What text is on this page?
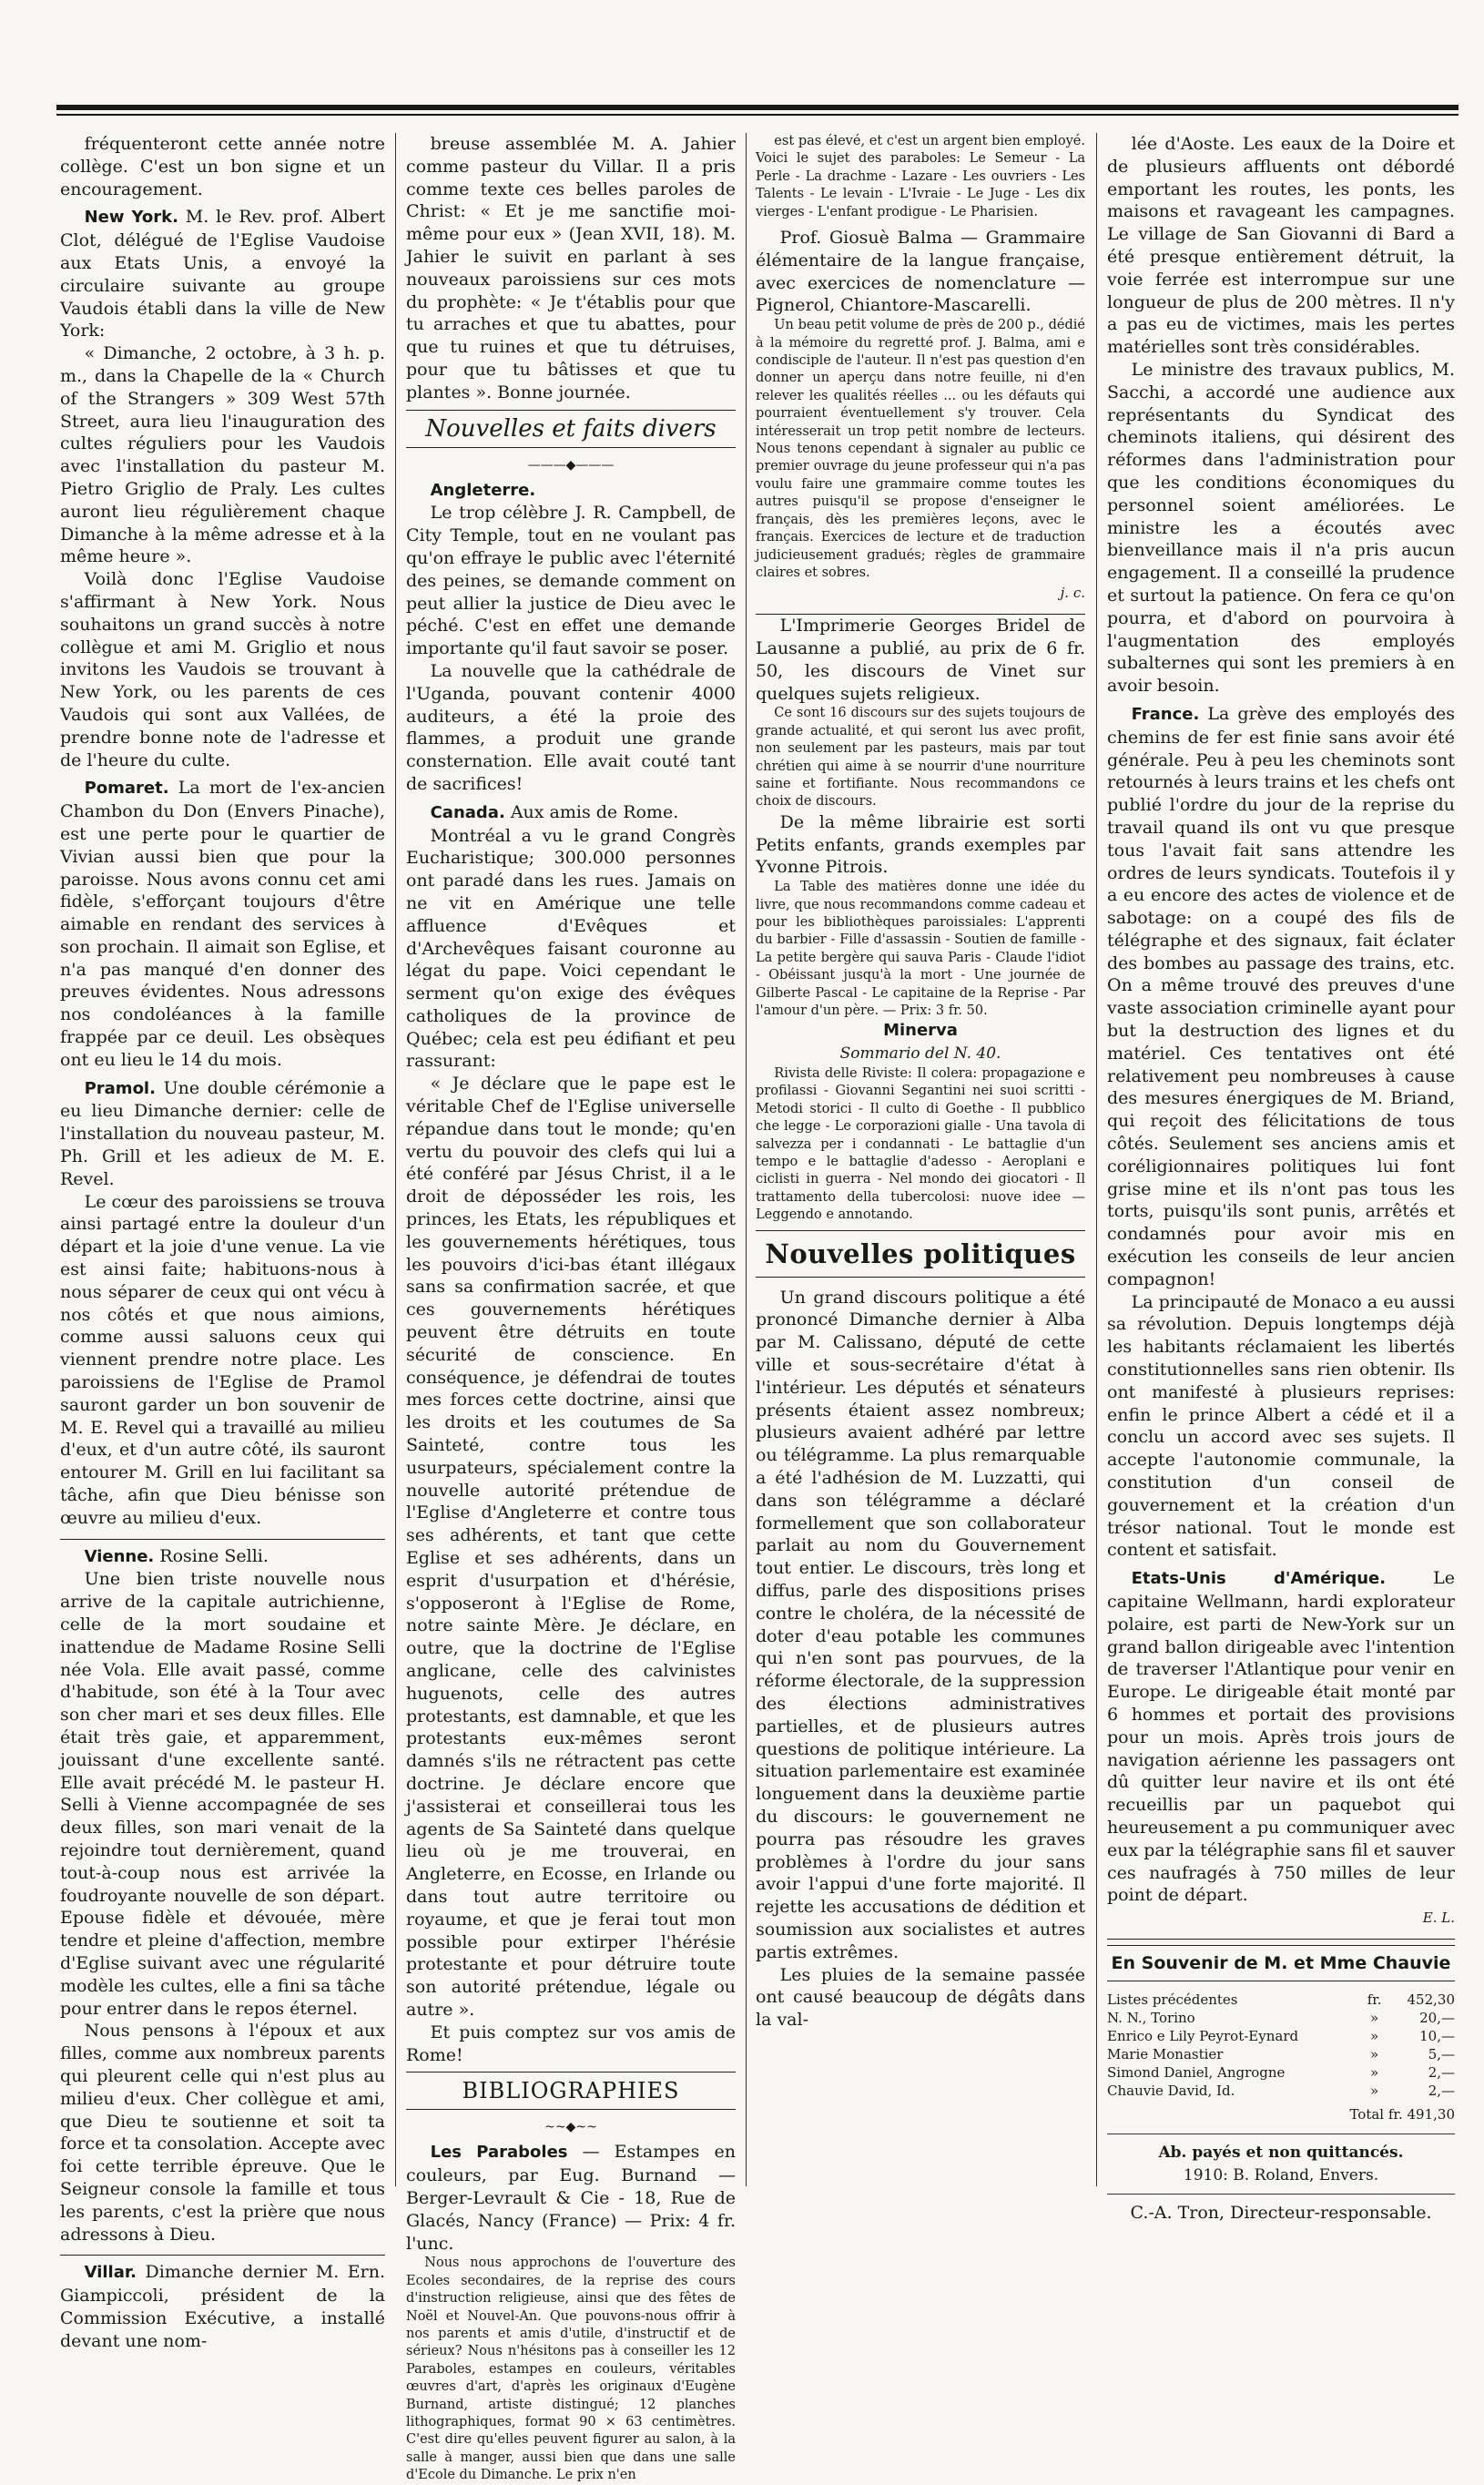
fréquenteront cette année notre collège. C'est un bon signe et un encouragement.

New York. M. le Rev. prof. Albert Clot, délégué de l'Eglise Vaudoise aux Etats Unis, a envoyé la circulaire suivante au groupe Vaudois établi dans la ville de New York:

« Dimanche, 2 octobre, à 3 h. p. m., dans la Chapelle de la « Church of the Strangers » 309 West 57th Street, aura lieu l'inauguration des cultes réguliers pour les Vaudois avec l'installation du pasteur M. Pietro Griglio de Praly. Les cultes auront lieu régulièrement chaque Dimanche à la même adresse et à la même heure ».

Voilà donc l'Eglise Vaudoise s'affirmant à New York. Nous souhaitons un grand succès à notre collègue et ami M. Griglio et nous invitons les Vaudois se trouvant à New York, ou les parents de ces Vaudois qui sont aux Vallées, de prendre bonne note de l'adresse et de l'heure du culte.

Pomaret. La mort de l'ex-ancien Chambon du Don (Envers Pinache), est une perte pour le quartier de Vivian aussi bien que pour la paroisse. Nous avons connu cet ami fidèle, s'efforçant toujours d'être aimable en rendant des services à son prochain. Il aimait son Eglise, et n'a pas manqué d'en donner des preuves évidentes. Nous adressons nos condoléances à la famille frappée par ce deuil. Les obsèques ont eu lieu le 14 du mois.

Pramol. Une double cérémonie a eu lieu Dimanche dernier: celle de l'installation du nouveau pasteur, M. Ph. Grill et les adieux de M. E. Revel.

Le cœur des paroissiens se trouva ainsi partagé entre la douleur d'un départ et la joie d'une venue. La vie est ainsi faite; habituons-nous à nous séparer de ceux qui ont vécu à nos côtés et que nous aimions, comme aussi saluons ceux qui viennent prendre notre place. Les paroissiens de l'Eglise de Pramol sauront garder un bon souvenir de M. E. Revel qui a travaillé au milieu d'eux, et d'un autre côté, ils sauront entourer M. Grill en lui facilitant sa tâche, afin que Dieu bénisse son œuvre au milieu d'eux.

Vienne. Rosine Selli.

Une bien triste nouvelle nous arrive de la capitale autrichienne, celle de la mort soudaine et inattendue de Madame Rosine Selli née Vola. Elle avait passé, comme d'habitude, son été à la Tour avec son cher mari et ses deux filles. Elle était très gaie, et apparemment, jouissant d'une excellente santé. Elle avait précédé M. le pasteur H. Selli à Vienne accompagnée de ses deux filles, son mari venait de la rejoindre tout dernièrement, quand tout-à-coup nous est arrivée la foudroyante nouvelle de son départ. Epouse fidèle et dévouée, mère tendre et pleine d'affection, membre d'Eglise suivant avec une régularité modèle les cultes, elle a fini sa tâche pour entrer dans le repos éternel.

Nous pensons à l'époux et aux filles, comme aux nombreux parents qui pleurent celle qui n'est plus au milieu d'eux. Cher collègue et ami, que Dieu te soutienne et soit ta force et ta consolation. Accepte avec foi cette terrible épreuve. Que le Seigneur console la famille et tous les parents, c'est la prière que nous adressons à Dieu.

Villar. Dimanche dernier M. Ern. Giampiccoli, président de la Commission Exécutive, a installé devant une nom-

breuse assemblée M. A. Jahier comme pasteur du Villar. Il a pris comme texte ces belles paroles de Christ: « Et je me sanctifie moi-même pour eux » (Jean XVII, 18). M. Jahier le suivit en parlant à ses nouveaux paroissiens sur ces mots du prophète: « Je t'établis pour que tu arraches et que tu abattes, pour que tu ruines et que tu détruises, pour que tu bâtisses et que tu plantes ». Bonne journée.

Nouvelles et faits divers
———◆———

Angleterre.

Le trop célèbre J. R. Campbell, de City Temple, tout en ne voulant pas qu'on effraye le public avec l'éternité des peines, se demande comment on peut allier la justice de Dieu avec le péché. C'est en effet une demande importante qu'il faut savoir se poser.

La nouvelle que la cathédrale de l'Uganda, pouvant contenir 4000 auditeurs, a été la proie des flammes, a produit une grande consternation. Elle avait couté tant de sacrifices!

Canada. Aux amis de Rome.

Montréal a vu le grand Congrès Eucharistique; 300.000 personnes ont paradé dans les rues. Jamais on ne vit en Amérique une telle affluence d'Evêques et d'Archevêques faisant couronne au légat du pape. Voici cependant le serment qu'on exige des évêques catholiques de la province de Québec; cela est peu édifiant et peu rassurant:

« Je déclare que le pape est le véritable Chef de l'Eglise universelle répandue dans tout le monde; qu'en vertu du pouvoir des clefs qui lui a été conféré par Jésus Christ, il a le droit de déposséder les rois, les princes, les Etats, les républiques et les gouvernements hérétiques, tous les pouvoirs d'ici-bas étant illégaux sans sa confirmation sacrée, et que ces gouvernements hérétiques peuvent être détruits en toute sécurité de conscience. En conséquence, je défendrai de toutes mes forces cette doctrine, ainsi que les droits et les coutumes de Sa Sainteté, contre tous les usurpateurs, spécialement contre la nouvelle autorité prétendue de l'Eglise d'Angleterre et contre tous ses adhérents, et tant que cette Eglise et ses adhérents, dans un esprit d'usurpation et d'hérésie, s'opposeront à l'Eglise de Rome, notre sainte Mère. Je déclare, en outre, que la doctrine de l'Eglise anglicane, celle des calvinistes huguenots, celle des autres protestants, est damnable, et que les protestants eux-mêmes seront damnés s'ils ne rétractent pas cette doctrine. Je déclare encore que j'assisterai et conseillerai tous les agents de Sa Sainteté dans quelque lieu où je me trouverai, en Angleterre, en Ecosse, en Irlande ou dans tout autre territoire ou royaume, et que je ferai tout mon possible pour extirper l'hérésie protestante et pour détruire toute son autorité prétendue, légale ou autre ».

Et puis comptez sur vos amis de Rome!

BIBLIOGRAPHIES
~~◆~~

Les Paraboles — Estampes en couleurs, par Eug. Burnand — Berger-Levrault & Cie - 18, Rue de Glacés, Nancy (France) — Prix: 4 fr. l'unc.

Nous nous approchons de l'ouverture des Ecoles secondaires, de la reprise des cours d'instruction religieuse, ainsi que des fêtes de Noël et Nouvel-An. Que pouvons-nous offrir à nos parents et amis d'utile, d'instructif et de sérieux? Nous n'hésitons pas à conseiller les 12 Paraboles, estampes en couleurs, véritables œuvres d'art, d'après les originaux d'Eugène Burnand, artiste distingué; 12 planches lithographiques, format 90 × 63 centimètres. C'est dire qu'elles peuvent figurer au salon, à la salle à manger, aussi bien que dans une salle d'Ecole du Dimanche. Le prix n'en

est pas élevé, et c'est un argent bien employé. Voici le sujet des paraboles: Le Semeur - La Perle - La drachme - Lazare - Les ouvriers - Les Talents - Le levain - L'Ivraie - Le Juge - Les dix vierges - L'enfant prodigue - Le Pharisien.

Prof. Giosuè Balma — Grammaire élémentaire de la langue française, avec exercices de nomenclature — Pignerol, Chiantore-Mascarelli.

Un beau petit volume de près de 200 p., dédié à la mémoire du regretté prof. J. Balma, ami e condisciple de l'auteur. Il n'est pas question d'en donner un aperçu dans notre feuille, ni d'en relever les qualités réelles ... ou les défauts qui pourraient éventuellement s'y trouver. Cela intéresserait un trop petit nombre de lecteurs. Nous tenons cependant à signaler au public ce premier ouvrage du jeune professeur qui n'a pas voulu faire une grammaire comme toutes les autres puisqu'il se propose d'enseigner le français, dès les premières leçons, avec le français. Exercices de lecture et de traduction judicieusement gradués; règles de grammaire claires et sobres.

j. c.

L'Imprimerie Georges Bridel de Lausanne a publié, au prix de 6 fr. 50, les discours de Vinet sur quelques sujets religieux.

Ce sont 16 discours sur des sujets toujours de grande actualité, et qui seront lus avec profit, non seulement par les pasteurs, mais par tout chrétien qui aime à se nourrir d'une nourriture saine et fortifiante. Nous recommandons ce choix de discours.

De la même librairie est sorti Petits enfants, grands exemples par Yvonne Pitrois.

La Table des matières donne une idée du livre, que nous recommandons comme cadeau et pour les bibliothèques paroissiales: L'apprenti du barbier - Fille d'assassin - Soutien de famille - La petite bergère qui sauva Paris - Claude l'idiot - Obéissant jusqu'à la mort - Une journée de Gilberte Pascal - Le capitaine de la Reprise - Par l'amour d'un père. — Prix: 3 fr. 50.

Minerva

Sommario del N. 40.

Rivista delle Riviste: Il colera: propagazione e profilassi - Giovanni Segantini nei suoi scritti - Metodi storici - Il culto di Goethe - Il pubblico che legge - Le corporazioni gialle - Una tavola di salvezza per i condannati - Le battaglie d'un tempo e le battaglie d'adesso - Aeroplani e ciclisti in guerra - Nel mondo dei giocatori - Il trattamento della tubercolosi: nuove idee — Leggendo e annotando.

Nouvelles politiques

Un grand discours politique a été prononcé Dimanche dernier à Alba par M. Calissano, député de cette ville et sous-secrétaire d'état à l'intérieur. Les députés et sénateurs présents étaient assez nombreux; plusieurs avaient adhéré par lettre ou télégramme. La plus remarquable a été l'adhésion de M. Luzzatti, qui dans son télégramme a déclaré formellement que son collaborateur parlait au nom du Gouvernement tout entier. Le discours, très long et diffus, parle des dispositions prises contre le choléra, de la nécessité de doter d'eau potable les communes qui n'en sont pas pourvues, de la réforme électorale, de la suppression des élections administratives partielles, et de plusieurs autres questions de politique intérieure. La situation parlementaire est examinée longuement dans la deuxième partie du discours: le gouvernement ne pourra pas résoudre les graves problèmes à l'ordre du jour sans avoir l'appui d'une forte majorité. Il rejette les accusations de dédition et soumission aux socialistes et autres partis extrêmes.

Les pluies de la semaine passée ont causé beaucoup de dégâts dans la val-

lée d'Aoste. Les eaux de la Doire et de plusieurs affluents ont débordé emportant les routes, les ponts, les maisons et ravageant les campagnes. Le village de San Giovanni di Bard a été presque entièrement détruit, la voie ferrée est interrompue sur une longueur de plus de 200 mètres. Il n'y a pas eu de victimes, mais les pertes matérielles sont très considérables.

Le ministre des travaux publics, M. Sacchi, a accordé une audience aux représentants du Syndicat des cheminots italiens, qui désirent des réformes dans l'administration pour que les conditions économiques du personnel soient améliorées. Le ministre les a écoutés avec bienveillance mais il n'a pris aucun engagement. Il a conseillé la prudence et surtout la patience. On fera ce qu'on pourra, et d'abord on pourvoira à l'augmentation des employés subalternes qui sont les premiers à en avoir besoin.

France. La grève des employés des chemins de fer est finie sans avoir été générale. Peu à peu les cheminots sont retournés à leurs trains et les chefs ont publié l'ordre du jour de la reprise du travail quand ils ont vu que presque tous l'avait fait sans attendre les ordres de leurs syndicats. Toutefois il y a eu encore des actes de violence et de sabotage: on a coupé des fils de télégraphe et des signaux, fait éclater des bombes au passage des trains, etc. On a même trouvé des preuves d'une vaste association criminelle ayant pour but la destruction des lignes et du matériel. Ces tentatives ont été relativement peu nombreuses à cause des mesures énergiques de M. Briand, qui reçoit des félicitations de tous côtés. Seulement ses anciens amis et coréligionnaires politiques lui font grise mine et ils n'ont pas tous les torts, puisqu'ils sont punis, arrêtés et condamnés pour avoir mis en exécution les conseils de leur ancien compagnon!

La principauté de Monaco a eu aussi sa révolution. Depuis longtemps déjà les habitants réclamaient les libertés constitutionnelles sans rien obtenir. Ils ont manifesté à plusieurs reprises: enfin le prince Albert a cédé et il a conclu un accord avec ses sujets. Il accepte l'autonomie communale, la constitution d'un conseil de gouvernement et la création d'un trésor national. Tout le monde est content et satisfait.

Etats-Unis d'Amérique. Le capitaine Wellmann, hardi explorateur polaire, est parti de New-York sur un grand ballon dirigeable avec l'intention de traverser l'Atlantique pour venir en Europe. Le dirigeable était monté par 6 hommes et portait des provisions pour un mois. Après trois jours de navigation aérienne les passagers ont dû quitter leur navire et ils ont été recueillis par un paquebot qui heureusement a pu communiquer avec eux par la télégraphie sans fil et sauver ces naufragés à 750 milles de leur point de départ.

E. L.

En Souvenir de M. et Mme Chauvie
Listes précédentes	fr.	452,30
N. N., Torino	»	20,—
Enrico e Lily Peyrot-Eynard	»	10,—
Marie Monastier	»	5,—
Simond Daniel, Angrogne	»	2,—
Chauvie David, Id.	»	2,—
Total fr. 491,30
Ab. payés et non quittancés.
1910: B. Roland, Envers.
C.-A. Tron, Directeur-responsable.
